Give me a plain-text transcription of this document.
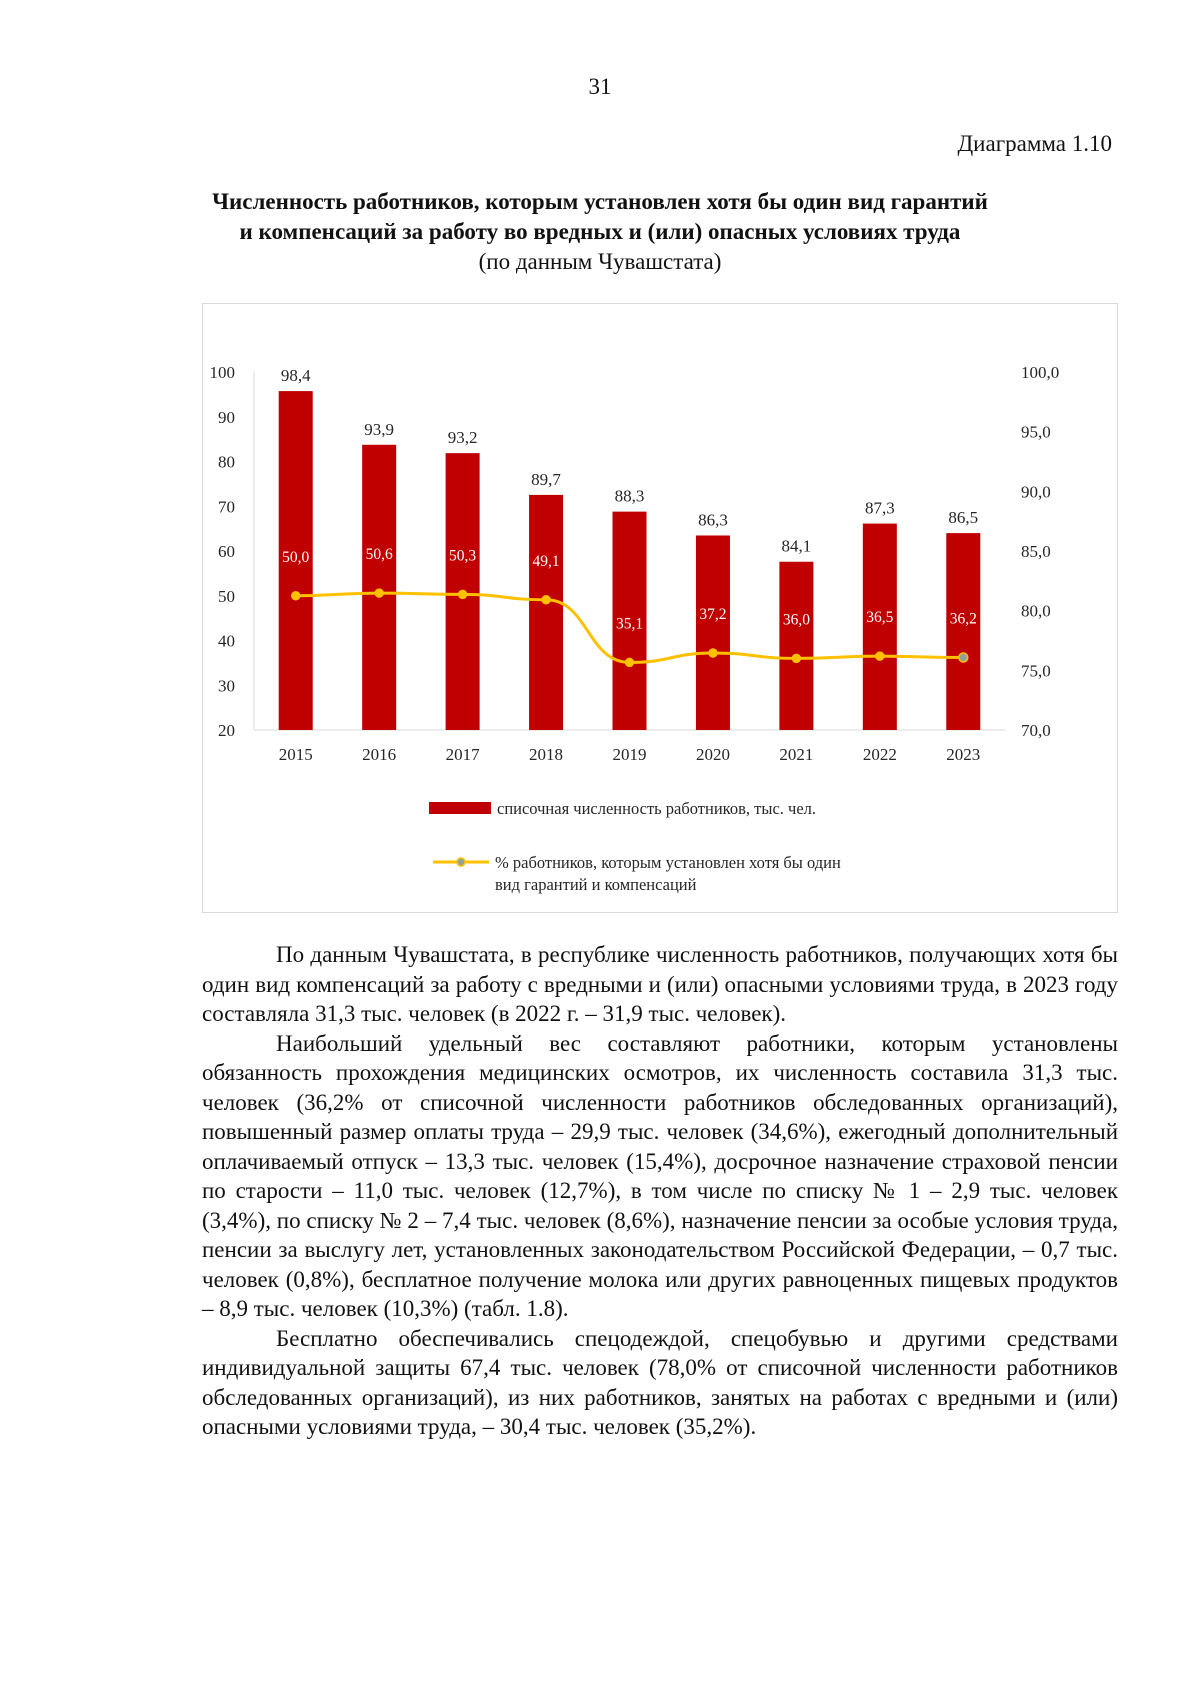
31
Диаграмма 1.10
Численность работников, которым установлен хотя бы один вид гарантий
и компенсаций за работу во вредных и (или) опасных условиях труда
(по данным Чувашстата)
20
30
40
50
60
70
80
90
100
70,0
75,0
80,0
85,0
90,0
95,0
100,0
98,4
93,9	93,2
89,7
88,3
86,3
84,1
87,3
86,5
50,0	50,6	50,3	49,1
35,1
37,2	36,0	36,5	36,2
2015	2016	2017	2018	2019	2020	2021	2022	2023
списочная численность работников, тыс. чел.
% работников, которым установлен хотя бы один
вид гарантий и компенсаций

По данным Чувашстата, в республике численность работников, получающих хотя бы один вид компенсаций за работу с вредными и (или) опасными условиями труда, в 2023 году составляла 31,3 тыс. человек (в 2022 г. – 31,9 тыс. человек).

Наибольший удельный вес составляют работники, которым установлены обязанность прохождения медицинских осмотров, их численность составила 31,3 тыс. человек (36,2% от списочной численности работников обследованных организаций), повышенный размер оплаты труда – 29,9 тыс. человек (34,6%), ежегодный дополнительный оплачиваемый отпуск – 13,3 тыс. человек (15,4%), досрочное назначение страховой пенсии по старости – 11,0 тыс. человек (12,7%), в том числе по списку № 1 – 2,9 тыс. человек (3,4%), по списку № 2 – 7,4 тыс. человек (8,6%), назначение пенсии за особые условия труда, пенсии за выслугу лет, установленных законодательством Российской Федерации, – 0,7 тыс. человек (0,8%), бесплатное получение молока или других равноценных пищевых продуктов – 8,9 тыс. человек (10,3%) (табл. 1.8).

Бесплатно обеспечивались спецодеждой, спецобувью и другими средствами индивидуальной защиты 67,4 тыс. человек (78,0% от списочной численности работников обследованных организаций), из них работников, занятых на работах с вредными и (или) опасными условиями труда, – 30,4 тыс. человек (35,2%).
